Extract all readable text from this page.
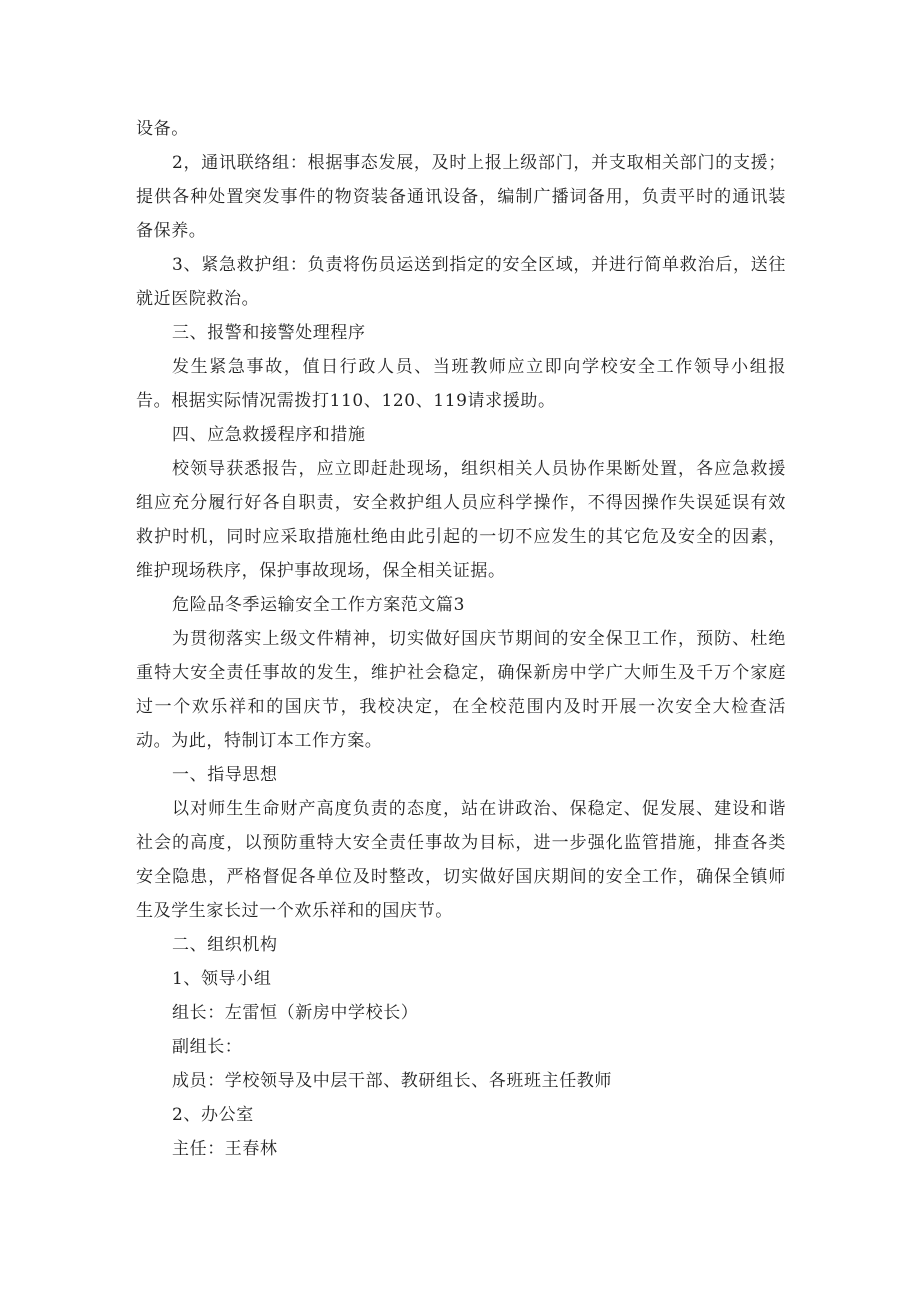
设备。

2，通讯联络组：根据事态发展，及时上报上级部门，并支取相关部门的支援；提供各种处置突发事件的物资装备通讯设备，编制广播词备用，负责平时的通讯装备保养。

3、紧急救护组：负责将伤员运送到指定的安全区域，并进行简单救治后，送往就近医院救治。

三、报警和接警处理程序

发生紧急事故，值日行政人员、当班教师应立即向学校安全工作领导小组报告。根据实际情况需拨打110、120、119请求援助。

四、应急救援程序和措施

校领导获悉报告，应立即赶赴现场，组织相关人员协作果断处置，各应急救援组应充分履行好各自职责，安全救护组人员应科学操作，不得因操作失误延误有效救护时机，同时应采取措施杜绝由此引起的一切不应发生的其它危及安全的因素，维护现场秩序，保护事故现场，保全相关证据。

危险品冬季运输安全工作方案范文篇3

为贯彻落实上级文件精神，切实做好国庆节期间的安全保卫工作，预防、杜绝重特大安全责任事故的发生，维护社会稳定，确保新房中学广大师生及千万个家庭过一个欢乐祥和的国庆节，我校决定，在全校范围内及时开展一次安全大检查活动。为此，特制订本工作方案。

一、指导思想

以对师生生命财产高度负责的态度，站在讲政治、保稳定、促发展、建设和谐社会的高度，以预防重特大安全责任事故为目标，进一步强化监管措施，排查各类安全隐患，严格督促各单位及时整改，切实做好国庆期间的安全工作，确保全镇师生及学生家长过一个欢乐祥和的国庆节。

二、组织机构

1、领导小组

组长：左雷恒（新房中学校长）

副组长：

成员：学校领导及中层干部、教研组长、各班班主任教师

2、办公室

主任：王春林
